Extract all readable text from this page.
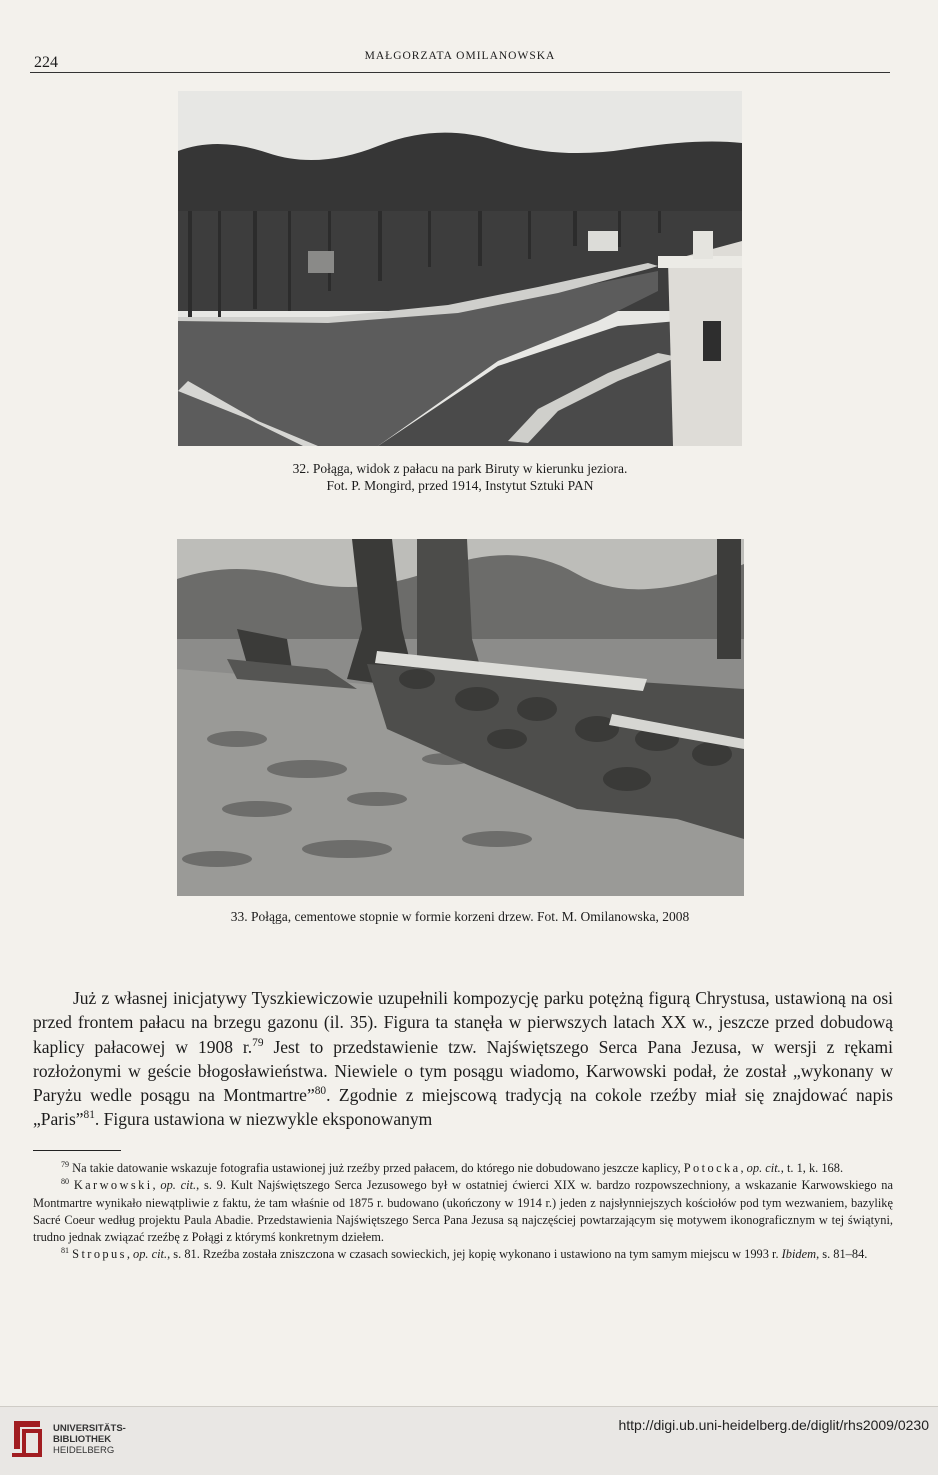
224	MAŁGORZATA OMILANOWSKA
32. Połąga, widok z pałacu na park Biruty w kierunku jeziora.
Fot. P. Mongird, przed 1914, Instytut Sztuki PAN
33. Połąga, cementowe stopnie w formie korzeni drzew. Fot. M. Omilanowska, 2008

Już z własnej inicjatywy Tyszkiewiczowie uzupełnili kompozycję parku potężną figurą Chrystusa, ustawioną na osi przed frontem pałacu na brzegu gazonu (il. 35). Figura ta stanęła w pierwszych latach XX w., jeszcze przed dobudową kaplicy pałacowej w 1908 r.$^{79}$ Jest to przedstawienie tzw. Najświętszego Serca Pana Jezusa, w wersji z rękami rozłożonymi w geście błogosławieństwa. Niewiele o tym posągu wiadomo, Karwowski podał, że został „wykonany w Paryżu wedle posągu na Montmartre”$^{80}$. Zgodnie z miejscową tradycją na cokole rzeźby miał się znajdować napis „Paris”$^{81}$. Figura ustawiona w niezwykle eksponowanym

$^{79}$ Na takie datowanie wskazuje fotografia ustawionej już rzeźby przed pałacem, do którego nie dobudowano jeszcze kaplicy, Potocka, op. cit., t. 1, k. 168.

$^{80}$ Karwowski, op. cit., s. 9. Kult Najświętszego Serca Jezusowego był w ostatniej ćwierci XIX w. bardzo rozpowszechniony, a wskazanie Karwowskiego na Montmartre wynikało niewątpliwie z faktu, że tam właśnie od 1875 r. budowano (ukończony w 1914 r.) jeden z najsłynniejszych kościołów pod tym wezwaniem, bazylikę Sacré Coeur według projektu Paula Abadie. Przedstawienia Najświętszego Serca Pana Jezusa są najczęściej powtarzającym się motywem ikonograficznym w tej świątyni, trudno jednak związać rzeźbę z Połągi z którymś konkretnym dziełem.

$^{81}$ Stropus, op. cit., s. 81. Rzeźba została zniszczona w czasach sowieckich, jej kopię wykonano i ustawiono na tym samym miejscu w 1993 r. Ibidem, s. 81–84.

UNIVERSITÄTS-
BIBLIOTHEK
HEIDELBERG
http://digi.ub.uni-heidelberg.de/diglit/rhs2009/0230
